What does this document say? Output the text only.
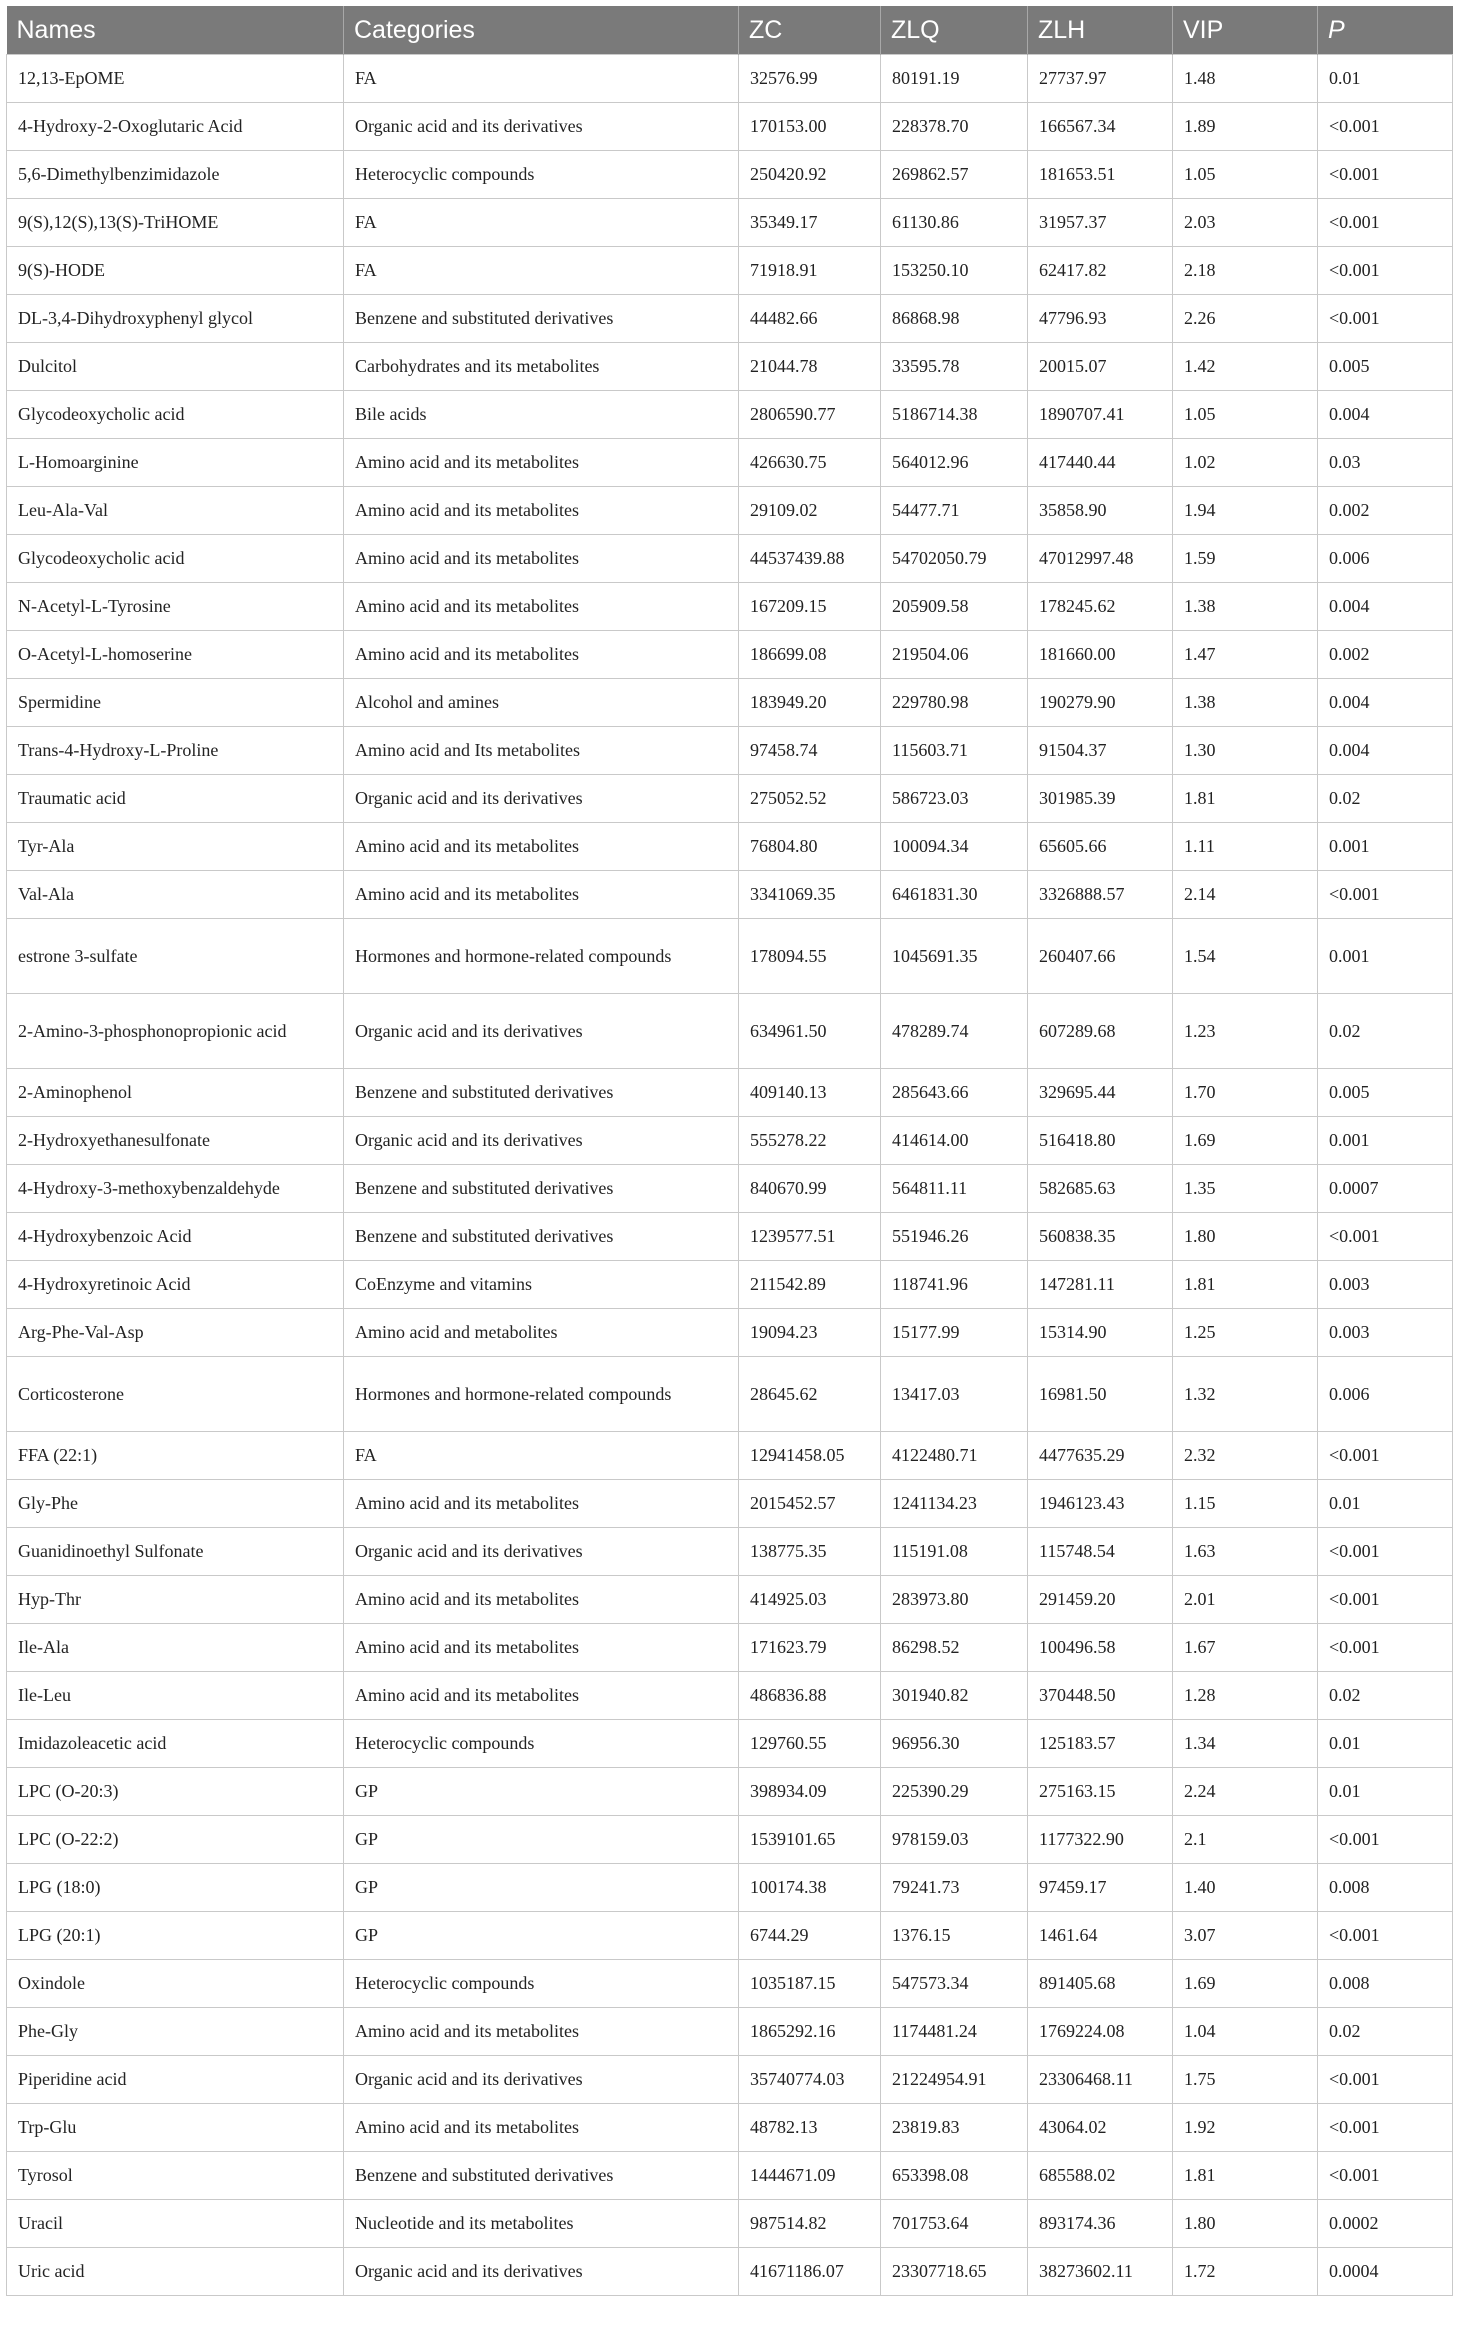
Names	Categories	ZC	ZLQ	ZLH	VIP	P
12,13-EpOME	FA	32576.99	80191.19	27737.97	1.48	0.01
4-Hydroxy-2-Oxoglutaric Acid	Organic acid and its derivatives	170153.00	228378.70	166567.34	1.89	<0.001
5,6-Dimethylbenzimidazole	Heterocyclic compounds	250420.92	269862.57	181653.51	1.05	<0.001
9(S),12(S),13(S)-TriHOME	FA	35349.17	61130.86	31957.37	2.03	<0.001
9(S)-HODE	FA	71918.91	153250.10	62417.82	2.18	<0.001
DL-3,4-Dihydroxyphenyl glycol	Benzene and substituted derivatives	44482.66	86868.98	47796.93	2.26	<0.001
Dulcitol	Carbohydrates and its metabolites	21044.78	33595.78	20015.07	1.42	0.005
Glycodeoxycholic acid	Bile acids	2806590.77	5186714.38	1890707.41	1.05	0.004
L-Homoarginine	Amino acid and its metabolites	426630.75	564012.96	417440.44	1.02	0.03
Leu-Ala-Val	Amino acid and its metabolites	29109.02	54477.71	35858.90	1.94	0.002
Glycodeoxycholic acid	Amino acid and its metabolites	44537439.88	54702050.79	47012997.48	1.59	0.006
N-Acetyl-L-Tyrosine	Amino acid and its metabolites	167209.15	205909.58	178245.62	1.38	0.004
O-Acetyl-L-homoserine	Amino acid and its metabolites	186699.08	219504.06	181660.00	1.47	0.002
Spermidine	Alcohol and amines	183949.20	229780.98	190279.90	1.38	0.004
Trans-4-Hydroxy-L-Proline	Amino acid and Its metabolites	97458.74	115603.71	91504.37	1.30	0.004
Traumatic acid	Organic acid and its derivatives	275052.52	586723.03	301985.39	1.81	0.02
Tyr-Ala	Amino acid and its metabolites	76804.80	100094.34	65605.66	1.11	0.001
Val-Ala	Amino acid and its metabolites	3341069.35	6461831.30	3326888.57	2.14	<0.001
estrone 3-sulfate	Hormones and hormone-related compounds	178094.55	1045691.35	260407.66	1.54	0.001
2-Amino-3-phosphonopropionic acid	Organic acid and its derivatives	634961.50	478289.74	607289.68	1.23	0.02
2-Aminophenol	Benzene and substituted derivatives	409140.13	285643.66	329695.44	1.70	0.005
2-Hydroxyethanesulfonate	Organic acid and its derivatives	555278.22	414614.00	516418.80	1.69	0.001
4-Hydroxy-3-methoxybenzaldehyde	Benzene and substituted derivatives	840670.99	564811.11	582685.63	1.35	0.0007
4-Hydroxybenzoic Acid	Benzene and substituted derivatives	1239577.51	551946.26	560838.35	1.80	<0.001
4-Hydroxyretinoic Acid	CoEnzyme and vitamins	211542.89	118741.96	147281.11	1.81	0.003
Arg-Phe-Val-Asp	Amino acid and metabolites	19094.23	15177.99	15314.90	1.25	0.003
Corticosterone	Hormones and hormone-related compounds	28645.62	13417.03	16981.50	1.32	0.006
FFA (22:1)	FA	12941458.05	4122480.71	4477635.29	2.32	<0.001
Gly-Phe	Amino acid and its metabolites	2015452.57	1241134.23	1946123.43	1.15	0.01
Guanidinoethyl Sulfonate	Organic acid and its derivatives	138775.35	115191.08	115748.54	1.63	<0.001
Hyp-Thr	Amino acid and its metabolites	414925.03	283973.80	291459.20	2.01	<0.001
Ile-Ala	Amino acid and its metabolites	171623.79	86298.52	100496.58	1.67	<0.001
Ile-Leu	Amino acid and its metabolites	486836.88	301940.82	370448.50	1.28	0.02
Imidazoleacetic acid	Heterocyclic compounds	129760.55	96956.30	125183.57	1.34	0.01
LPC (O-20:3)	GP	398934.09	225390.29	275163.15	2.24	0.01
LPC (O-22:2)	GP	1539101.65	978159.03	1177322.90	2.1	<0.001
LPG (18:0)	GP	100174.38	79241.73	97459.17	1.40	0.008
LPG (20:1)	GP	6744.29	1376.15	1461.64	3.07	<0.001
Oxindole	Heterocyclic compounds	1035187.15	547573.34	891405.68	1.69	0.008
Phe-Gly	Amino acid and its metabolites	1865292.16	1174481.24	1769224.08	1.04	0.02
Piperidine acid	Organic acid and its derivatives	35740774.03	21224954.91	23306468.11	1.75	<0.001
Trp-Glu	Amino acid and its metabolites	48782.13	23819.83	43064.02	1.92	<0.001
Tyrosol	Benzene and substituted derivatives	1444671.09	653398.08	685588.02	1.81	<0.001
Uracil	Nucleotide and its metabolites	987514.82	701753.64	893174.36	1.80	0.0002
Uric acid	Organic acid and its derivatives	41671186.07	23307718.65	38273602.11	1.72	0.0004
